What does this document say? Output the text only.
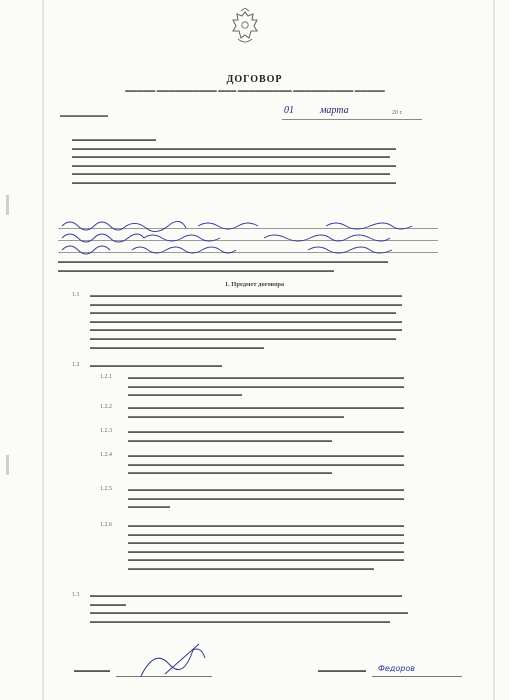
ДОГОВОР
▬▬▬▬▬ ▬▬▬▬▬▬▬▬▬▬ ▬▬▬ ▬▬▬▬▬▬▬▬▬ ▬▬▬▬▬▬▬▬▬▬ ▬▬▬▬▬
▬▬▬▬▬▬▬▬	01	марта	20 г.
▬▬▬▬▬▬▬▬▬▬▬▬▬▬
▬▬▬▬▬▬▬▬▬▬▬▬▬▬▬▬▬▬▬▬▬▬▬▬▬▬▬▬▬▬▬▬▬▬▬▬▬▬▬▬▬▬▬▬▬▬▬▬▬▬▬▬▬▬
▬▬▬▬▬▬▬▬▬▬▬▬▬▬▬▬▬▬▬▬▬▬▬▬▬▬▬▬▬▬▬▬▬▬▬▬▬▬▬▬▬▬▬▬▬▬▬▬▬▬▬▬▬
▬▬▬▬▬▬▬▬▬▬▬▬▬▬▬▬▬▬▬▬▬▬▬▬▬▬▬▬▬▬▬▬▬▬▬▬▬▬▬▬▬▬▬▬▬▬▬▬▬▬▬▬▬▬
▬▬▬▬▬▬▬▬▬▬▬▬▬▬▬▬▬▬▬▬▬▬▬▬▬▬▬▬▬▬▬▬▬▬▬▬▬▬▬▬▬▬▬▬▬▬▬▬▬▬▬▬▬
▬▬▬▬▬▬▬▬▬▬▬▬▬▬▬▬▬▬▬▬▬▬▬▬▬▬▬▬▬▬▬▬▬▬▬▬▬▬▬▬▬▬▬▬▬▬▬▬▬▬▬▬▬▬
▬▬▬▬▬▬▬▬▬▬▬▬▬▬▬▬▬▬▬▬▬▬▬▬▬▬▬▬▬▬▬▬▬▬▬▬▬▬▬▬▬▬▬▬▬▬▬▬▬▬▬▬▬▬▬
▬▬▬▬▬▬▬▬▬▬▬▬▬▬▬▬▬▬▬▬▬▬▬▬▬▬▬▬▬▬▬▬▬▬▬▬▬▬▬▬▬▬▬▬▬▬
1. Предмет договора
1.1 ▬▬▬▬▬▬▬▬▬▬▬▬▬▬▬▬▬▬▬▬▬▬▬▬▬▬▬▬▬▬▬▬▬▬▬▬▬▬▬▬▬▬▬▬▬▬▬▬▬▬▬▬
▬▬▬▬▬▬▬▬▬▬▬▬▬▬▬▬▬▬▬▬▬▬▬▬▬▬▬▬▬▬▬▬▬▬▬▬▬▬▬▬▬▬▬▬▬▬▬▬▬▬▬▬
▬▬▬▬▬▬▬▬▬▬▬▬▬▬▬▬▬▬▬▬▬▬▬▬▬▬▬▬▬▬▬▬▬▬▬▬▬▬▬▬▬▬▬▬▬▬▬▬▬▬▬
▬▬▬▬▬▬▬▬▬▬▬▬▬▬▬▬▬▬▬▬▬▬▬▬▬▬▬▬▬▬▬▬▬▬▬▬▬▬▬▬▬▬▬▬▬▬▬▬▬▬▬▬
▬▬▬▬▬▬▬▬▬▬▬▬▬▬▬▬▬▬▬▬▬▬▬▬▬▬▬▬▬▬▬▬▬▬▬▬▬▬▬▬▬▬▬▬▬▬▬▬▬▬▬▬
▬▬▬▬▬▬▬▬▬▬▬▬▬▬▬▬▬▬▬▬▬▬▬▬▬▬▬▬▬▬▬▬▬▬▬▬▬▬▬▬▬▬▬▬▬▬▬▬▬▬▬
▬▬▬▬▬▬▬▬▬▬▬▬▬▬▬▬▬▬▬▬▬▬▬▬▬▬▬▬▬
1.2 ▬▬▬▬▬▬▬▬▬▬▬▬▬▬▬▬▬▬▬▬▬▬
1.2.1	▬▬▬▬▬▬▬▬▬▬▬▬▬▬▬▬▬▬▬▬▬▬▬▬▬▬▬▬▬▬▬▬▬▬▬▬▬▬▬▬▬▬▬▬▬▬
▬▬▬▬▬▬▬▬▬▬▬▬▬▬▬▬▬▬▬▬▬▬▬▬▬▬▬▬▬▬▬▬▬▬▬▬▬▬▬▬▬▬▬▬▬▬
▬▬▬▬▬▬▬▬▬▬▬▬▬▬▬▬▬▬▬
1.2.2	▬▬▬▬▬▬▬▬▬▬▬▬▬▬▬▬▬▬▬▬▬▬▬▬▬▬▬▬▬▬▬▬▬▬▬▬▬▬▬▬▬▬▬▬▬▬
▬▬▬▬▬▬▬▬▬▬▬▬▬▬▬▬▬▬▬▬▬▬▬▬▬▬▬▬▬▬▬▬▬▬▬▬
1.2.3	▬▬▬▬▬▬▬▬▬▬▬▬▬▬▬▬▬▬▬▬▬▬▬▬▬▬▬▬▬▬▬▬▬▬▬▬▬▬▬▬▬▬▬▬▬▬
▬▬▬▬▬▬▬▬▬▬▬▬▬▬▬▬▬▬▬▬▬▬▬▬▬▬▬▬▬▬▬▬▬▬
1.2.4	▬▬▬▬▬▬▬▬▬▬▬▬▬▬▬▬▬▬▬▬▬▬▬▬▬▬▬▬▬▬▬▬▬▬▬▬▬▬▬▬▬▬▬▬▬▬
▬▬▬▬▬▬▬▬▬▬▬▬▬▬▬▬▬▬▬▬▬▬▬▬▬▬▬▬▬▬▬▬▬▬▬▬▬▬▬▬▬▬▬▬▬▬
▬▬▬▬▬▬▬▬▬▬▬▬▬▬▬▬▬▬▬▬▬▬▬▬▬▬▬▬▬▬▬▬▬▬
1.2.5	▬▬▬▬▬▬▬▬▬▬▬▬▬▬▬▬▬▬▬▬▬▬▬▬▬▬▬▬▬▬▬▬▬▬▬▬▬▬▬▬▬▬▬▬▬▬
▬▬▬▬▬▬▬▬▬▬▬▬▬▬▬▬▬▬▬▬▬▬▬▬▬▬▬▬▬▬▬▬▬▬▬▬▬▬▬▬▬▬▬▬▬▬
▬▬▬▬▬▬▬
1.2.6	▬▬▬▬▬▬▬▬▬▬▬▬▬▬▬▬▬▬▬▬▬▬▬▬▬▬▬▬▬▬▬▬▬▬▬▬▬▬▬▬▬▬▬▬▬▬
▬▬▬▬▬▬▬▬▬▬▬▬▬▬▬▬▬▬▬▬▬▬▬▬▬▬▬▬▬▬▬▬▬▬▬▬▬▬▬▬▬▬▬▬▬▬
▬▬▬▬▬▬▬▬▬▬▬▬▬▬▬▬▬▬▬▬▬▬▬▬▬▬▬▬▬▬▬▬▬▬▬▬▬▬▬▬▬▬▬▬▬▬
▬▬▬▬▬▬▬▬▬▬▬▬▬▬▬▬▬▬▬▬▬▬▬▬▬▬▬▬▬▬▬▬▬▬▬▬▬▬▬▬▬▬▬▬▬▬
▬▬▬▬▬▬▬▬▬▬▬▬▬▬▬▬▬▬▬▬▬▬▬▬▬▬▬▬▬▬▬▬▬▬▬▬▬▬▬▬▬▬▬▬▬▬
▬▬▬▬▬▬▬▬▬▬▬▬▬▬▬▬▬▬▬▬▬▬▬▬▬▬▬▬▬▬▬▬▬▬▬▬▬▬▬▬▬
1.3 ▬▬▬▬▬▬▬▬▬▬▬▬▬▬▬▬▬▬▬▬▬▬▬▬▬▬▬▬▬▬▬▬▬▬▬▬▬▬▬▬▬▬▬▬▬▬▬▬▬▬▬▬
▬▬▬▬▬▬
▬▬▬▬▬▬▬▬▬▬▬▬▬▬▬▬▬▬▬▬▬▬▬▬▬▬▬▬▬▬▬▬▬▬▬▬▬▬▬▬▬▬▬▬▬▬▬▬▬▬▬▬▬
▬▬▬▬▬▬▬▬▬▬▬▬▬▬▬▬▬▬▬▬▬▬▬▬▬▬▬▬▬▬▬▬▬▬▬▬▬▬▬▬▬▬▬▬▬▬▬▬▬▬
▬▬▬▬▬▬	▬▬▬▬▬▬▬▬ Федоров
